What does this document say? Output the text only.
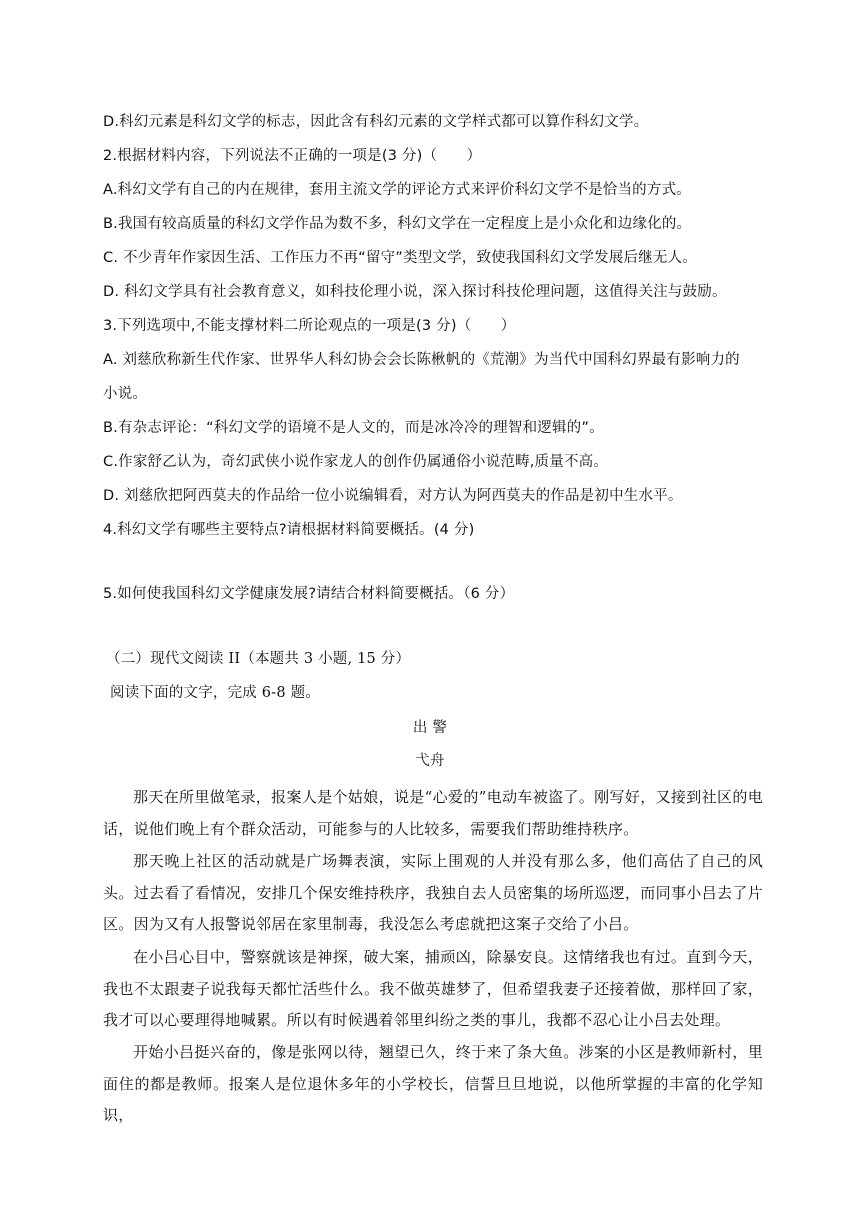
D.科幻元素是科幻文学的标志，因此含有科幻元素的文学样式都可以算作科幻文学。
2.根据材料内容，下列说法不正确的一项是(3 分)（　　）
A.科幻文学有自己的内在规律，套用主流文学的评论方式来评价科幻文学不是恰当的方式。
B.我国有较高质量的科幻文学作品为数不多，科幻文学在一定程度上是小众化和边缘化的。
C. 不少青年作家因生活、工作压力不再“留守”类型文学，致使我国科幻文学发展后继无人。
D. 科幻文学具有社会教育意义，如科技伦理小说，深入探讨科技伦理问题，这值得关注与鼓励。
3.下列选项中,不能支撑材料二所论观点的一项是(3 分)（　　）
A. 刘慈欣称新生代作家、世界华人科幻协会会长陈楸帆的《荒潮》为当代中国科幻界最有影响力的
小说。
B.有杂志评论：“科幻文学的语境不是人文的，而是冰冷冷的理智和逻辑的”。
C.作家舒乙认为，奇幻武侠小说作家龙人的创作仍属通俗小说范畴,质量不高。
D. 刘慈欣把阿西莫夫的作品给一位小说编辑看，对方认为阿西莫夫的作品是初中生水平。
4.科幻文学有哪些主要特点?请根据材料简要概括。(4 分)
5.如何使我国科幻文学健康发展?请结合材料简要概括。（6 分）
（二）现代文阅读 II（本题共 3 小题, 15 分）
阅读下面的文字，完成 6-8 题。
出 警
弋舟
那天在所里做笔录，报案人是个姑娘，说是“心爱的”电动车被盗了。刚写好，又接到社区的电话，说他们晚上有个群众活动，可能参与的人比较多，需要我们帮助维持秩序。
那天晚上社区的活动就是广场舞表演，实际上围观的人并没有那么多，他们高估了自己的风头。过去看了看情况，安排几个保安维持秩序，我独自去人员密集的场所巡逻，而同事小吕去了片区。因为又有人报警说邻居在家里制毒，我没怎么考虑就把这案子交给了小吕。
在小吕心目中，警察就该是神探，破大案，捕顽凶，除暴安良。这情绪我也有过。直到今天，我也不太跟妻子说我每天都忙活些什么。我不做英雄梦了，但希望我妻子还接着做，那样回了家，我才可以心要理得地喊累。所以有时候遇着邻里纠纷之类的事儿，我都不忍心让小吕去处理。
开始小吕挺兴奋的，像是张网以待，翘望已久，终于来了条大鱼。涉案的小区是教师新村，里面住的都是教师。报案人是位退休多年的小学校长，信誓旦旦地说，以他所掌握的丰富的化学知识，
